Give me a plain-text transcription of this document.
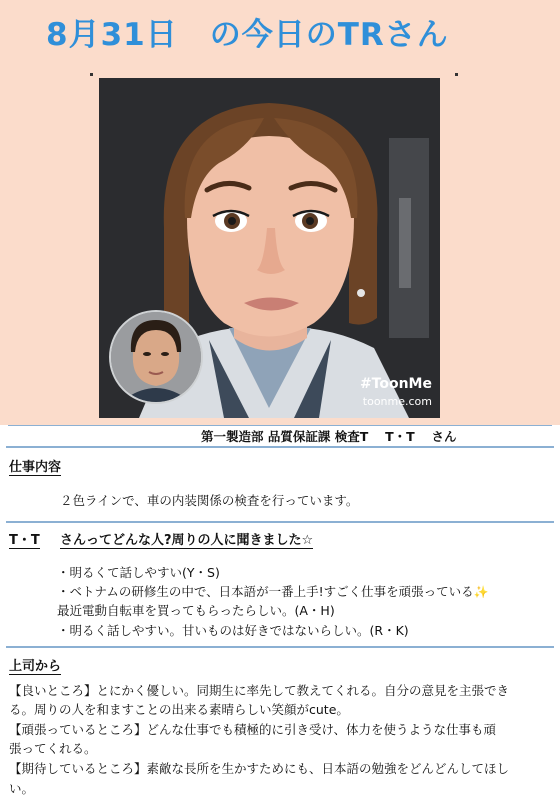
8月31日　の今日のTRさん
#ToonMe
toonme.com
第一製造部 品質保証課 検査T　 T・T　 さん
仕事内容
２色ラインで、車の内装関係の検査を行っています。
T・T さんってどんな人?周りの人に聞きました☆
・明るくて話しやすい(Y・S)
・ベトナムの研修生の中で、日本語が一番上手!すごく仕事を頑張っている✨
最近電動自転車を買ってもらったらしい。(A・H)
・明るく話しやすい。甘いものは好きではないらしい。(R・K)
上司から
【良いところ】とにかく優しい。同期生に率先して教えてくれる。自分の意見を主張でき
る。周りの人を和ますことの出来る素晴らしい笑顔がcute。
【頑張っているところ】どんな仕事でも積極的に引き受け、体力を使うような仕事も頑
張ってくれる。
【期待しているところ】素敵な長所を生かすためにも、日本語の勉強をどんどんしてほし
い。
